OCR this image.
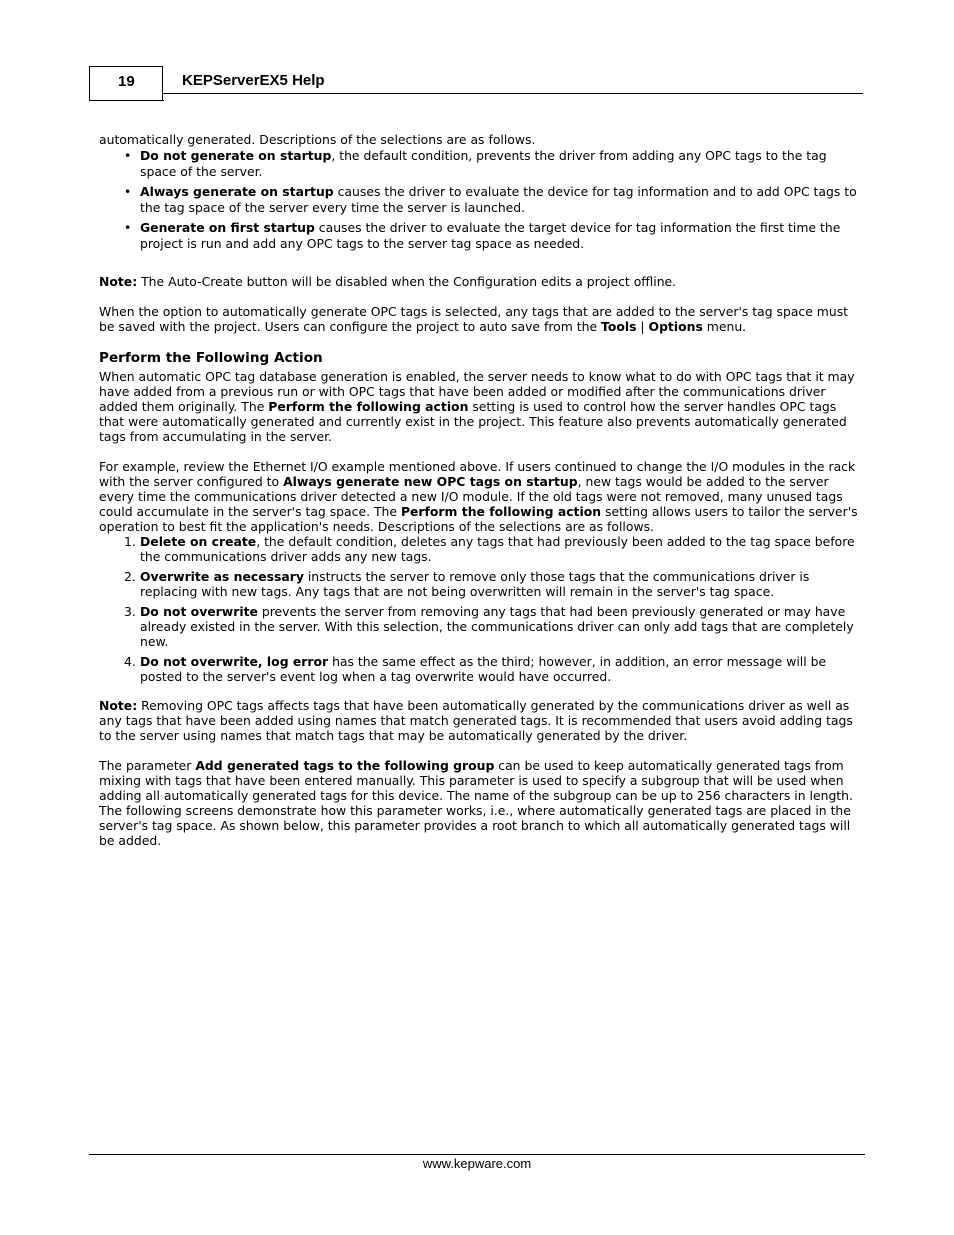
19	KEPServerEX5 Help

automatically generated. Descriptions of the selections are as follows.

• Do not generate on startup, the default condition, prevents the driver from adding any OPC tags to the tag space of the server.
• Always generate on startup causes the driver to evaluate the device for tag information and to add OPC tags to the tag space of the server every time the server is launched.
• Generate on first startup causes the driver to evaluate the target device for tag information the first time the project is run and add any OPC tags to the server tag space as needed.

Note: The Auto-Create button will be disabled when the Configuration edits a project offline.

When the option to automatically generate OPC tags is selected, any tags that are added to the server's tag space must be saved with the project. Users can configure the project to auto save from the Tools | Options menu.

Perform the Following Action

When automatic OPC tag database generation is enabled, the server needs to know what to do with OPC tags that it may have added from a previous run or with OPC tags that have been added or modified after the communications driver added them originally. The Perform the following action setting is used to control how the server handles OPC tags that were automatically generated and currently exist in the project. This feature also prevents automatically generated tags from accumulating in the server.

For example, review the Ethernet I/O example mentioned above. If users continued to change the I/O modules in the rack with the server configured to Always generate new OPC tags on startup, new tags would be added to the server every time the communications driver detected a new I/O module. If the old tags were not removed, many unused tags could accumulate in the server's tag space. The Perform the following action setting allows users to tailor the server's operation to best fit the application's needs. Descriptions of the selections are as follows.

1. Delete on create, the default condition, deletes any tags that had previously been added to the tag space before the communications driver adds any new tags.
2. Overwrite as necessary instructs the server to remove only those tags that the communications driver is replacing with new tags. Any tags that are not being overwritten will remain in the server's tag space.
3. Do not overwrite prevents the server from removing any tags that had been previously generated or may have already existed in the server. With this selection, the communications driver can only add tags that are completely new.
4. Do not overwrite, log error has the same effect as the third; however, in addition, an error message will be posted to the server's event log when a tag overwrite would have occurred.

Note: Removing OPC tags affects tags that have been automatically generated by the communications driver as well as any tags that have been added using names that match generated tags. It is recommended that users avoid adding tags to the server using names that match tags that may be automatically generated by the driver.

The parameter Add generated tags to the following group can be used to keep automatically generated tags from mixing with tags that have been entered manually. This parameter is used to specify a subgroup that will be used when adding all automatically generated tags for this device. The name of the subgroup can be up to 256 characters in length. The following screens demonstrate how this parameter works, i.e., where automatically generated tags are placed in the server's tag space. As shown below, this parameter provides a root branch to which all automatically generated tags will be added.

www.kepware.com
